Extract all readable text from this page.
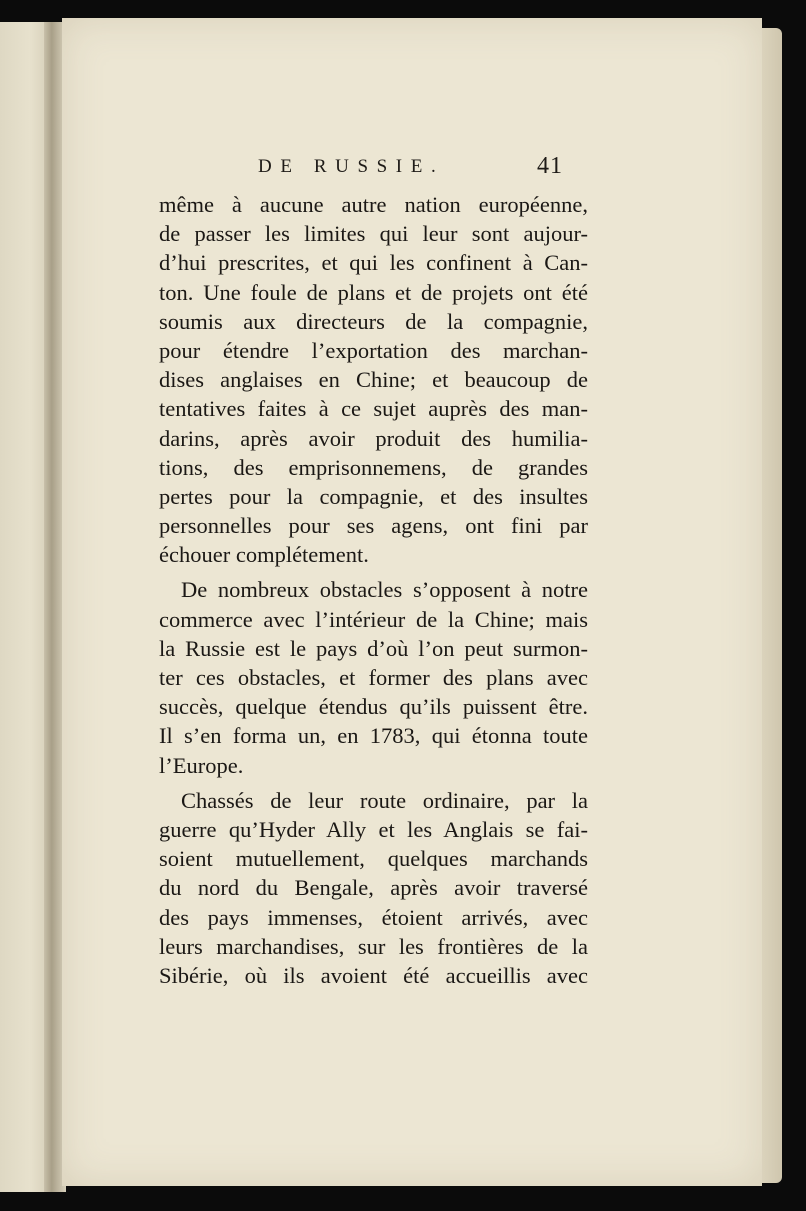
DE RUSSIE.	41
même à aucune autre nation européenne,
de passer les limites qui leur sont aujour-
d’hui prescrites, et qui les confinent à Can-
ton. Une foule de plans et de projets ont été
soumis aux directeurs de la compagnie,
pour étendre l’exportation des marchan-
dises anglaises en Chine; et beaucoup de
tentatives faites à ce sujet auprès des man-
darins, après avoir produit des humilia-
tions, des emprisonnemens, de grandes
pertes pour la compagnie, et des insultes
personnelles pour ses agens, ont fini par
échouer complétement.
De nombreux obstacles s’opposent à notre
commerce avec l’intérieur de la Chine; mais
la Russie est le pays d’où l’on peut surmon-
ter ces obstacles, et former des plans avec
succès, quelque étendus qu’ils puissent être.
Il s’en forma un, en 1783, qui étonna toute
l’Europe.
Chassés de leur route ordinaire, par la
guerre qu’Hyder Ally et les Anglais se fai-
soient mutuellement, quelques marchands
du nord du Bengale, après avoir traversé
des pays immenses, étoient arrivés, avec
leurs marchandises, sur les frontières de la
Sibérie, où ils avoient été accueillis avec
